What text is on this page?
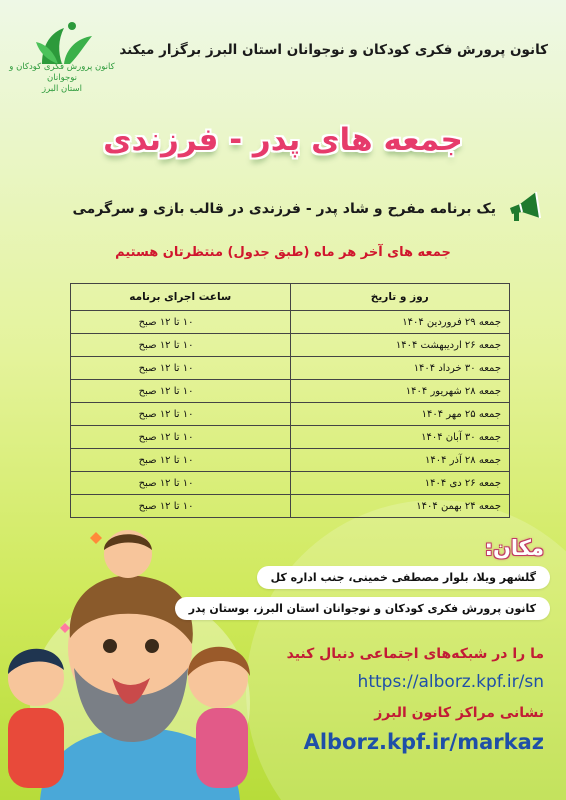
کانون پرورش فکری کودکان و نوجوانان
استان البرز
کانون پرورش فکری کودکان و نوجوانان استان البرز برگزار میکند
جمعه های پدر - فرزندی
یک برنامه مفرح و شاد پدر - فرزندی در قالب بازی و سرگرمی
جمعه های آخر هر ماه (طبق جدول) منتظرتان هستیم
روز و تاریخ	ساعت اجرای برنامه
جمعه ۲۹ فروردین ۱۴۰۴	۱۰ تا ۱۲ صبح
جمعه ۲۶ اردیبهشت ۱۴۰۴	۱۰ تا ۱۲ صبح
جمعه ۳۰ خرداد ۱۴۰۴	۱۰ تا ۱۲ صبح
جمعه ۲۸ شهریور ۱۴۰۴	۱۰ تا ۱۲ صبح
جمعه ۲۵ مهر ۱۴۰۴	۱۰ تا ۱۲ صبح
جمعه ۳۰ آبان ۱۴۰۴	۱۰ تا ۱۲ صبح
جمعه ۲۸ آذر ۱۴۰۴	۱۰ تا ۱۲ صبح
جمعه ۲۶ دی ۱۴۰۴	۱۰ تا ۱۲ صبح
جمعه ۲۴ بهمن ۱۴۰۴	۱۰ تا ۱۲ صبح
مکان:
گلشهر ویلا، بلوار مصطفی خمینی، جنب اداره کل
کانون پرورش فکری کودکان و نوجوانان استان البرز، بوستان پدر
ما را در شبکه‌های اجتماعی دنبال کنید
https://alborz.kpf.ir/sn
نشانی مراکز کانون البرز
Alborz.kpf.ir/markaz
